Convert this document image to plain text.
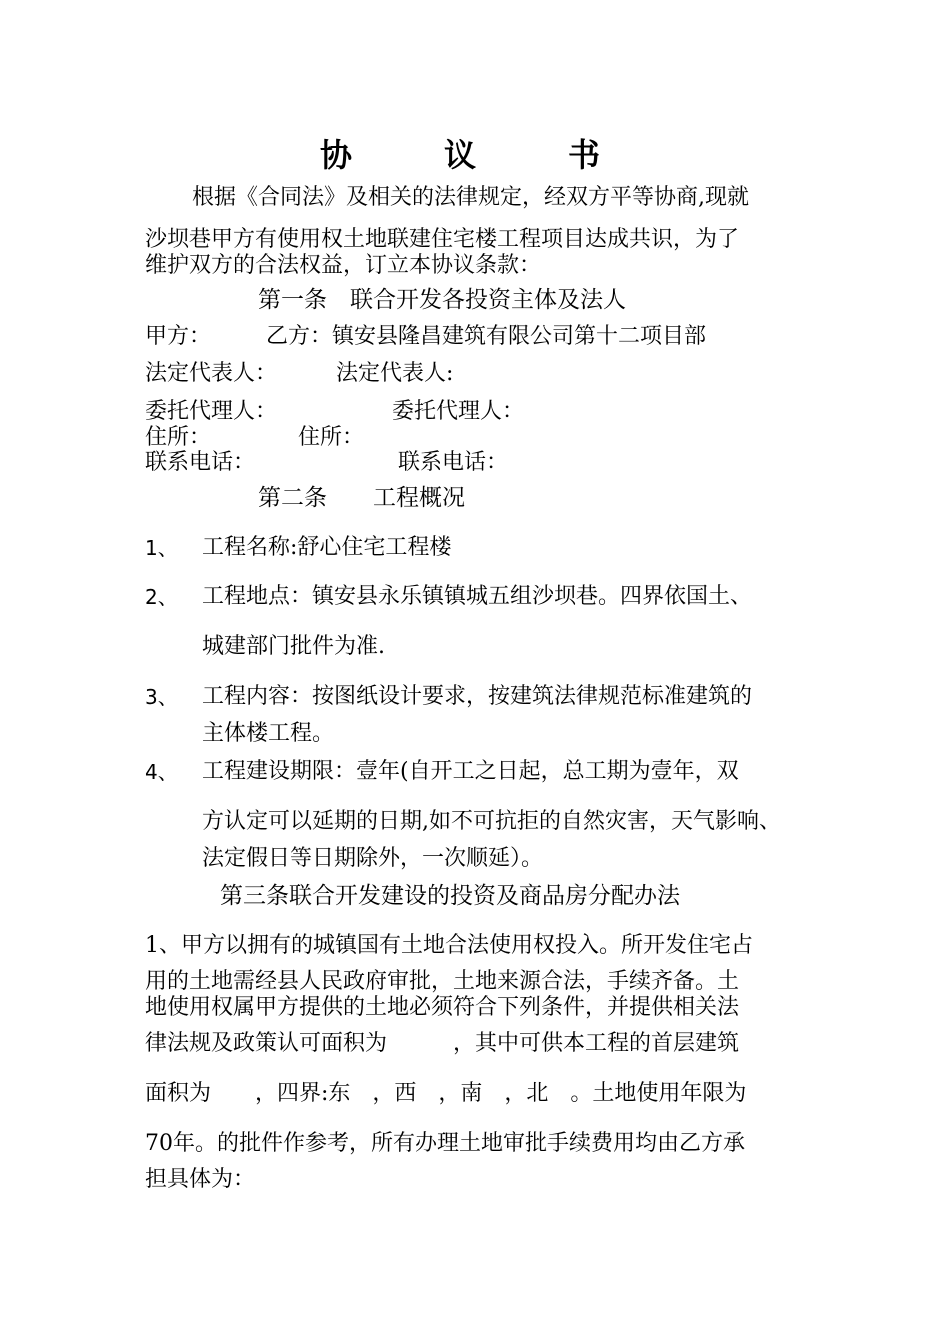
协　议　书
根据《合同法》及相关的法律规定，经双方平等协商,现就
沙坝巷甲方有使用权土地联建住宅楼工程项目达成共识，为了
维护双方的合法权益，订立本协议条款：
第一条　联合开发各投资主体及法人
甲方： 乙方：镇安县隆昌建筑有限公司第十二项目部
法定代表人：	法定代表人:
委托代理人：	委托代理人：
住所：	住所：
联系电话：	联系电话：
第二条　　工程概况
1、 工程名称:舒心住宅工程楼
2、 工程地点：镇安县永乐镇镇城五组沙坝巷。四界依国土、
城建部门批件为准.
3、 工程内容：按图纸设计要求，按建筑法律规范标准建筑的
主体楼工程。
4、 工程建设期限：壹年(自开工之日起，总工期为壹年，双
方认定可以延期的日期,如不可抗拒的自然灾害，天气影响、
法定假日等日期除外，一次顺延）。
第三条联合开发建设的投资及商品房分配办法
1、甲方以拥有的城镇国有土地合法使用权投入。所开发住宅占
用的土地需经县人民政府审批，土地来源合法，手续齐备。土
地使用权属甲方提供的土地必须符合下列条件，并提供相关法
律法规及政策认可面积为　　　，其中可供本工程的首层建筑
面积为　　，四界:东　，西　，南　，北　。土地使用年限为
70年。的批件作参考，所有办理土地审批手续费用均由乙方承
担具体为：
